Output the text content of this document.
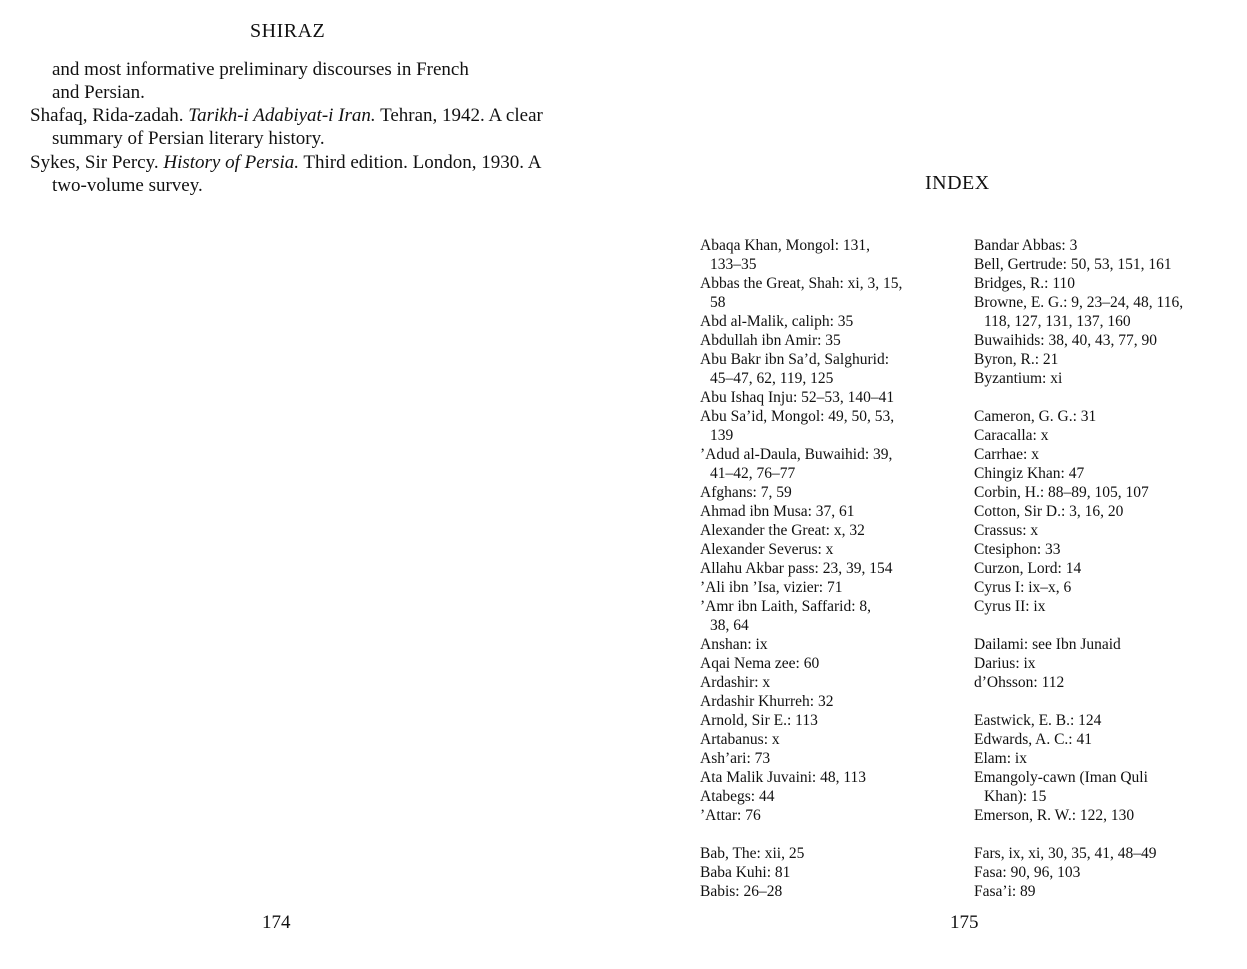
SHIRAZ
and most informative preliminary discourses in French
and Persian.
Shafaq, Rida-zadah. Tarikh-i Adabiyat-i Iran. Tehran, 1942. A clear summary of Persian literary history.
Sykes, Sir Percy. History of Persia. Third edition. London, 1930. A two-volume survey.
174
INDEX
Abaqa Khan, Mongol: 131,
133–35
Abbas the Great, Shah: xi, 3, 15,
58
Abd al-Malik, caliph: 35
Abdullah ibn Amir: 35
Abu Bakr ibn Sa’d, Salghurid:
45–47, 62, 119, 125
Abu Ishaq Inju: 52–53, 140–41
Abu Sa’id, Mongol: 49, 50, 53,
139
’Adud al-Daula, Buwaihid: 39,
41–42, 76–77
Afghans: 7, 59
Ahmad ibn Musa: 37, 61
Alexander the Great: x, 32
Alexander Severus: x
Allahu Akbar pass: 23, 39, 154
’Ali ibn ’Isa, vizier: 71
’Amr ibn Laith, Saffarid: 8,
38, 64
Anshan: ix
Aqai Nema zee: 60
Ardashir: x
Ardashir Khurreh: 32
Arnold, Sir E.: 113
Artabanus: x
Ash’ari: 73
Ata Malik Juvaini: 48, 113
Atabegs: 44
’Attar: 76
Bab, The: xii, 25
Baba Kuhi: 81
Babis: 26–28
Bandar Abbas: 3
Bell, Gertrude: 50, 53, 151, 161
Bridges, R.: 110
Browne, E. G.: 9, 23–24, 48, 116,
118, 127, 131, 137, 160
Buwaihids: 38, 40, 43, 77, 90
Byron, R.: 21
Byzantium: xi
Cameron, G. G.: 31
Caracalla: x
Carrhae: x
Chingiz Khan: 47
Corbin, H.: 88–89, 105, 107
Cotton, Sir D.: 3, 16, 20
Crassus: x
Ctesiphon: 33
Curzon, Lord: 14
Cyrus I: ix–x, 6
Cyrus II: ix
Dailami: see Ibn Junaid
Darius: ix
d’Ohsson: 112
Eastwick, E. B.: 124
Edwards, A. C.: 41
Elam: ix
Emangoly-cawn (Iman Quli
Khan): 15
Emerson, R. W.: 122, 130
Fars, ix, xi, 30, 35, 41, 48–49
Fasa: 90, 96, 103
Fasa’i: 89
175
